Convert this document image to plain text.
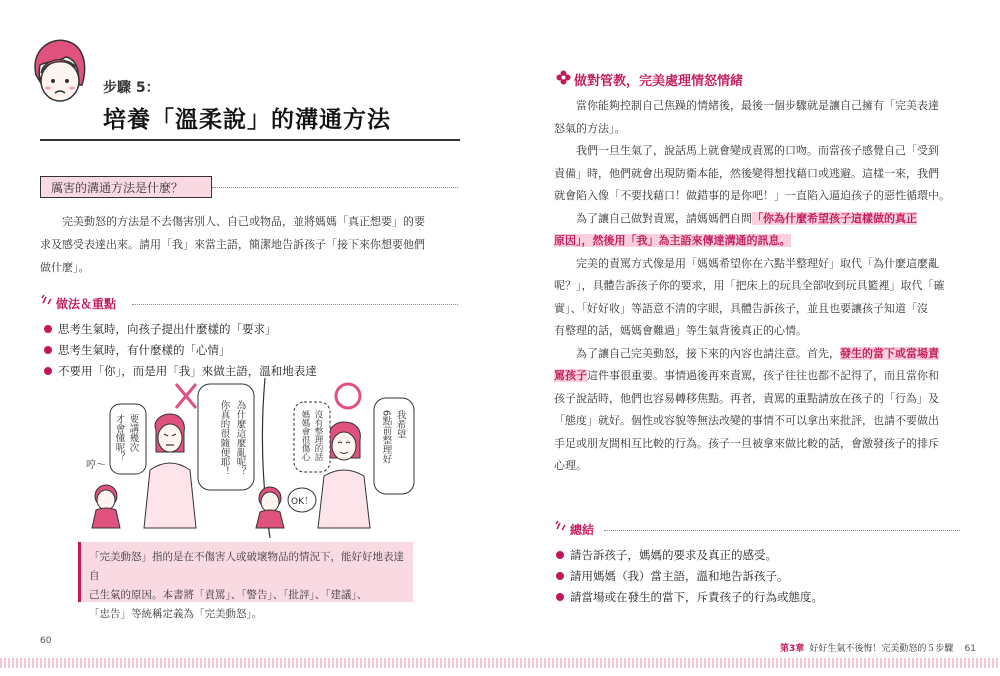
步驟 5：
培養「溫柔說」的溝通方法
厲害的溝通方法是什麼？

完美動怒的方法是不去傷害別人、自己或物品，並將媽媽「真正想要」的要

求及感受表達出來。請用「我」來當主語，簡潔地告訴孩子「接下來你想要他們

做什麼」。

做法＆重點
思考生氣時，向孩子提出什麼樣的「要求」
思考生氣時，有什麼樣的「心情」
不要用「你」，而是用「我」來做主語，溫和地表達
哼～	為什麼這麼亂呢？
你真的很隨便耶！
要講幾次
才會懂呢？	我希望
6點前整理好
沒有整理的話
媽媽會很傷心
OK！
「完美動怒」指的是在不傷害人或破壞物品的情況下，能好好地表達自
己生氣的原因。本書將「責罵」、「警告」、「批評」、「建議」、
「忠告」等統稱定義為「完美動怒」。
60
做對管教，完美處理情怒情緒

當你能夠控制自己焦躁的情緒後，最後一個步驟就是讓自己擁有「完美表達

怒氣的方法」。

我們一旦生氣了，說話馬上就會變成責罵的口吻。而當孩子感覺自己「受到

責備」時，他們就會出現防衛本能，然後變得想找藉口或逃避。這樣一來，我們

就會陷入像「不要找藉口！做錯事的是你吧！」一直陷入逼迫孩子的惡性循環中。

為了讓自己做對責罵，請媽媽們自問「你為什麼希望孩子這樣做的真正

原因」，然後用「我」為主語來傳達溝通的訊息。

完美的責罵方式像是用「媽媽希望你在六點半整理好」取代「為什麼這麼亂

呢？」，具體告訴孩子你的要求，用「把床上的玩具全部收到玩具籃裡」取代「確

實」、「好好收」等語意不清的字眼，具體告訴孩子，並且也要讓孩子知道「沒

有整理的話，媽媽會難過」等生氣背後真正的心情。

為了讓自己完美動怒，接下來的內容也請注意。首先，發生的當下或當場責

罵孩子這件事很重要。事情過後再來責罵，孩子往往也都不記得了，而且當你和

孩子說話時，他們也容易轉移焦點。再者，責罵的重點請放在孩子的「行為」及

「態度」就好。個性或容貌等無法改變的事情不可以拿出來批評，也請不要做出

手足或朋友間相互比較的行為。孩子一旦被拿來做比較的話，會激發孩子的排斥

心理。

總結
請告訴孩子，媽媽的要求及真正的感受。
請用媽媽（我）當主語，溫和地告訴孩子。
請當場或在發生的當下，斥責孩子的行為或態度。
第3章 好好生氣不後悔！完美動怒的５步驟 61
